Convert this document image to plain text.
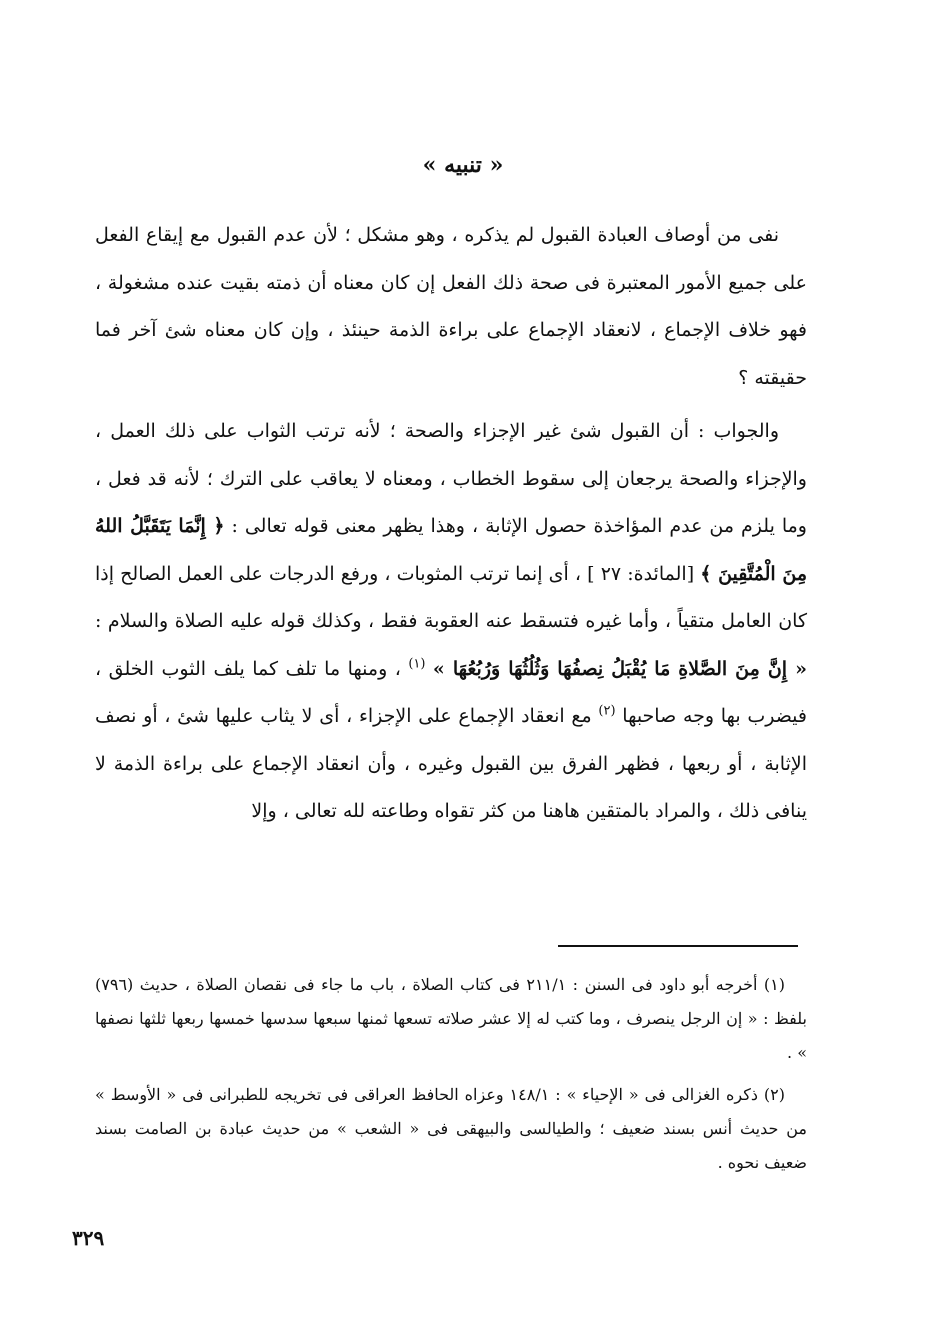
« تنبيه »

نفى من أوصاف العبادة القبول لم يذكره ، وهو مشكل ؛ لأن عدم القبول مع إيقاع الفعل على جميع الأمور المعتبرة فى صحة ذلك الفعل إن كان معناه أن ذمته بقيت عنده مشغولة ، فهو خلاف الإجماع ، لانعقاد الإجماع على براءة الذمة حينئذ ، وإن كان معناه شئ آخر فما حقيقته ؟

والجواب : أن القبول شئ غير الإجزاء والصحة ؛ لأنه ترتب الثواب على ذلك العمل ، والإجزاء والصحة يرجعان إلى سقوط الخطاب ، ومعناه لا يعاقب على الترك ؛ لأنه قد فعل ، وما يلزم من عدم المؤاخذة حصول الإثابة ، وهذا يظهر معنى قوله تعالى : ﴿ إِنَّمَا يَتَقَبَّلُ اللهُ مِنَ الْمُتَّقِينَ ﴾ [المائدة: ٢٧ ] ، أى إنما ترتب المثوبات ، ورفع الدرجات على العمل الصالح إذا كان العامل متقياً ، وأما غيره فتسقط عنه العقوبة فقط ، وكذلك قوله عليه الصلاة والسلام : « إِنَّ مِنَ الصَّلاةِ مَا يُقْبَلُ نِصفُهَا وَثُلُثُهَا وَرُبُعُهَا » $^{(١)}$ ، ومنها ما تلف كما يلف الثوب الخلق ، فيضرب بها وجه صاحبها $^{(٢)}$ مع انعقاد الإجماع على الإجزاء ، أى لا يثاب عليها شئ ، أو نصف الإثابة ، أو ربعها ، فظهر الفرق بين القبول وغيره ، وأن انعقاد الإجماع على براءة الذمة لا ينافى ذلك ، والمراد بالمتقين هاهنا من كثر تقواه وطاعته لله تعالى ، وإلا

(١) أخرجه أبو داود فى السنن : ٢١١/١ فى كتاب الصلاة ، باب ما جاء فى نقصان الصلاة ، حديث (٧٩٦) بلفظ : « إن الرجل ينصرف ، وما كتب له إلا عشر صلاته تسعها ثمنها سبعها سدسها خمسها ربعها ثلثها نصفها » .

(٢) ذكره الغزالى فى « الإحياء » : ١٤٨/١ وعزاه الحافظ العراقى فى تخريجه للطبرانى فى « الأوسط » من حديث أنس بسند ضعيف ؛ والطيالسى والبيهقى فى « الشعب » من حديث عبادة بن الصامت بسند ضعيف نحوه .

٣٢٩
